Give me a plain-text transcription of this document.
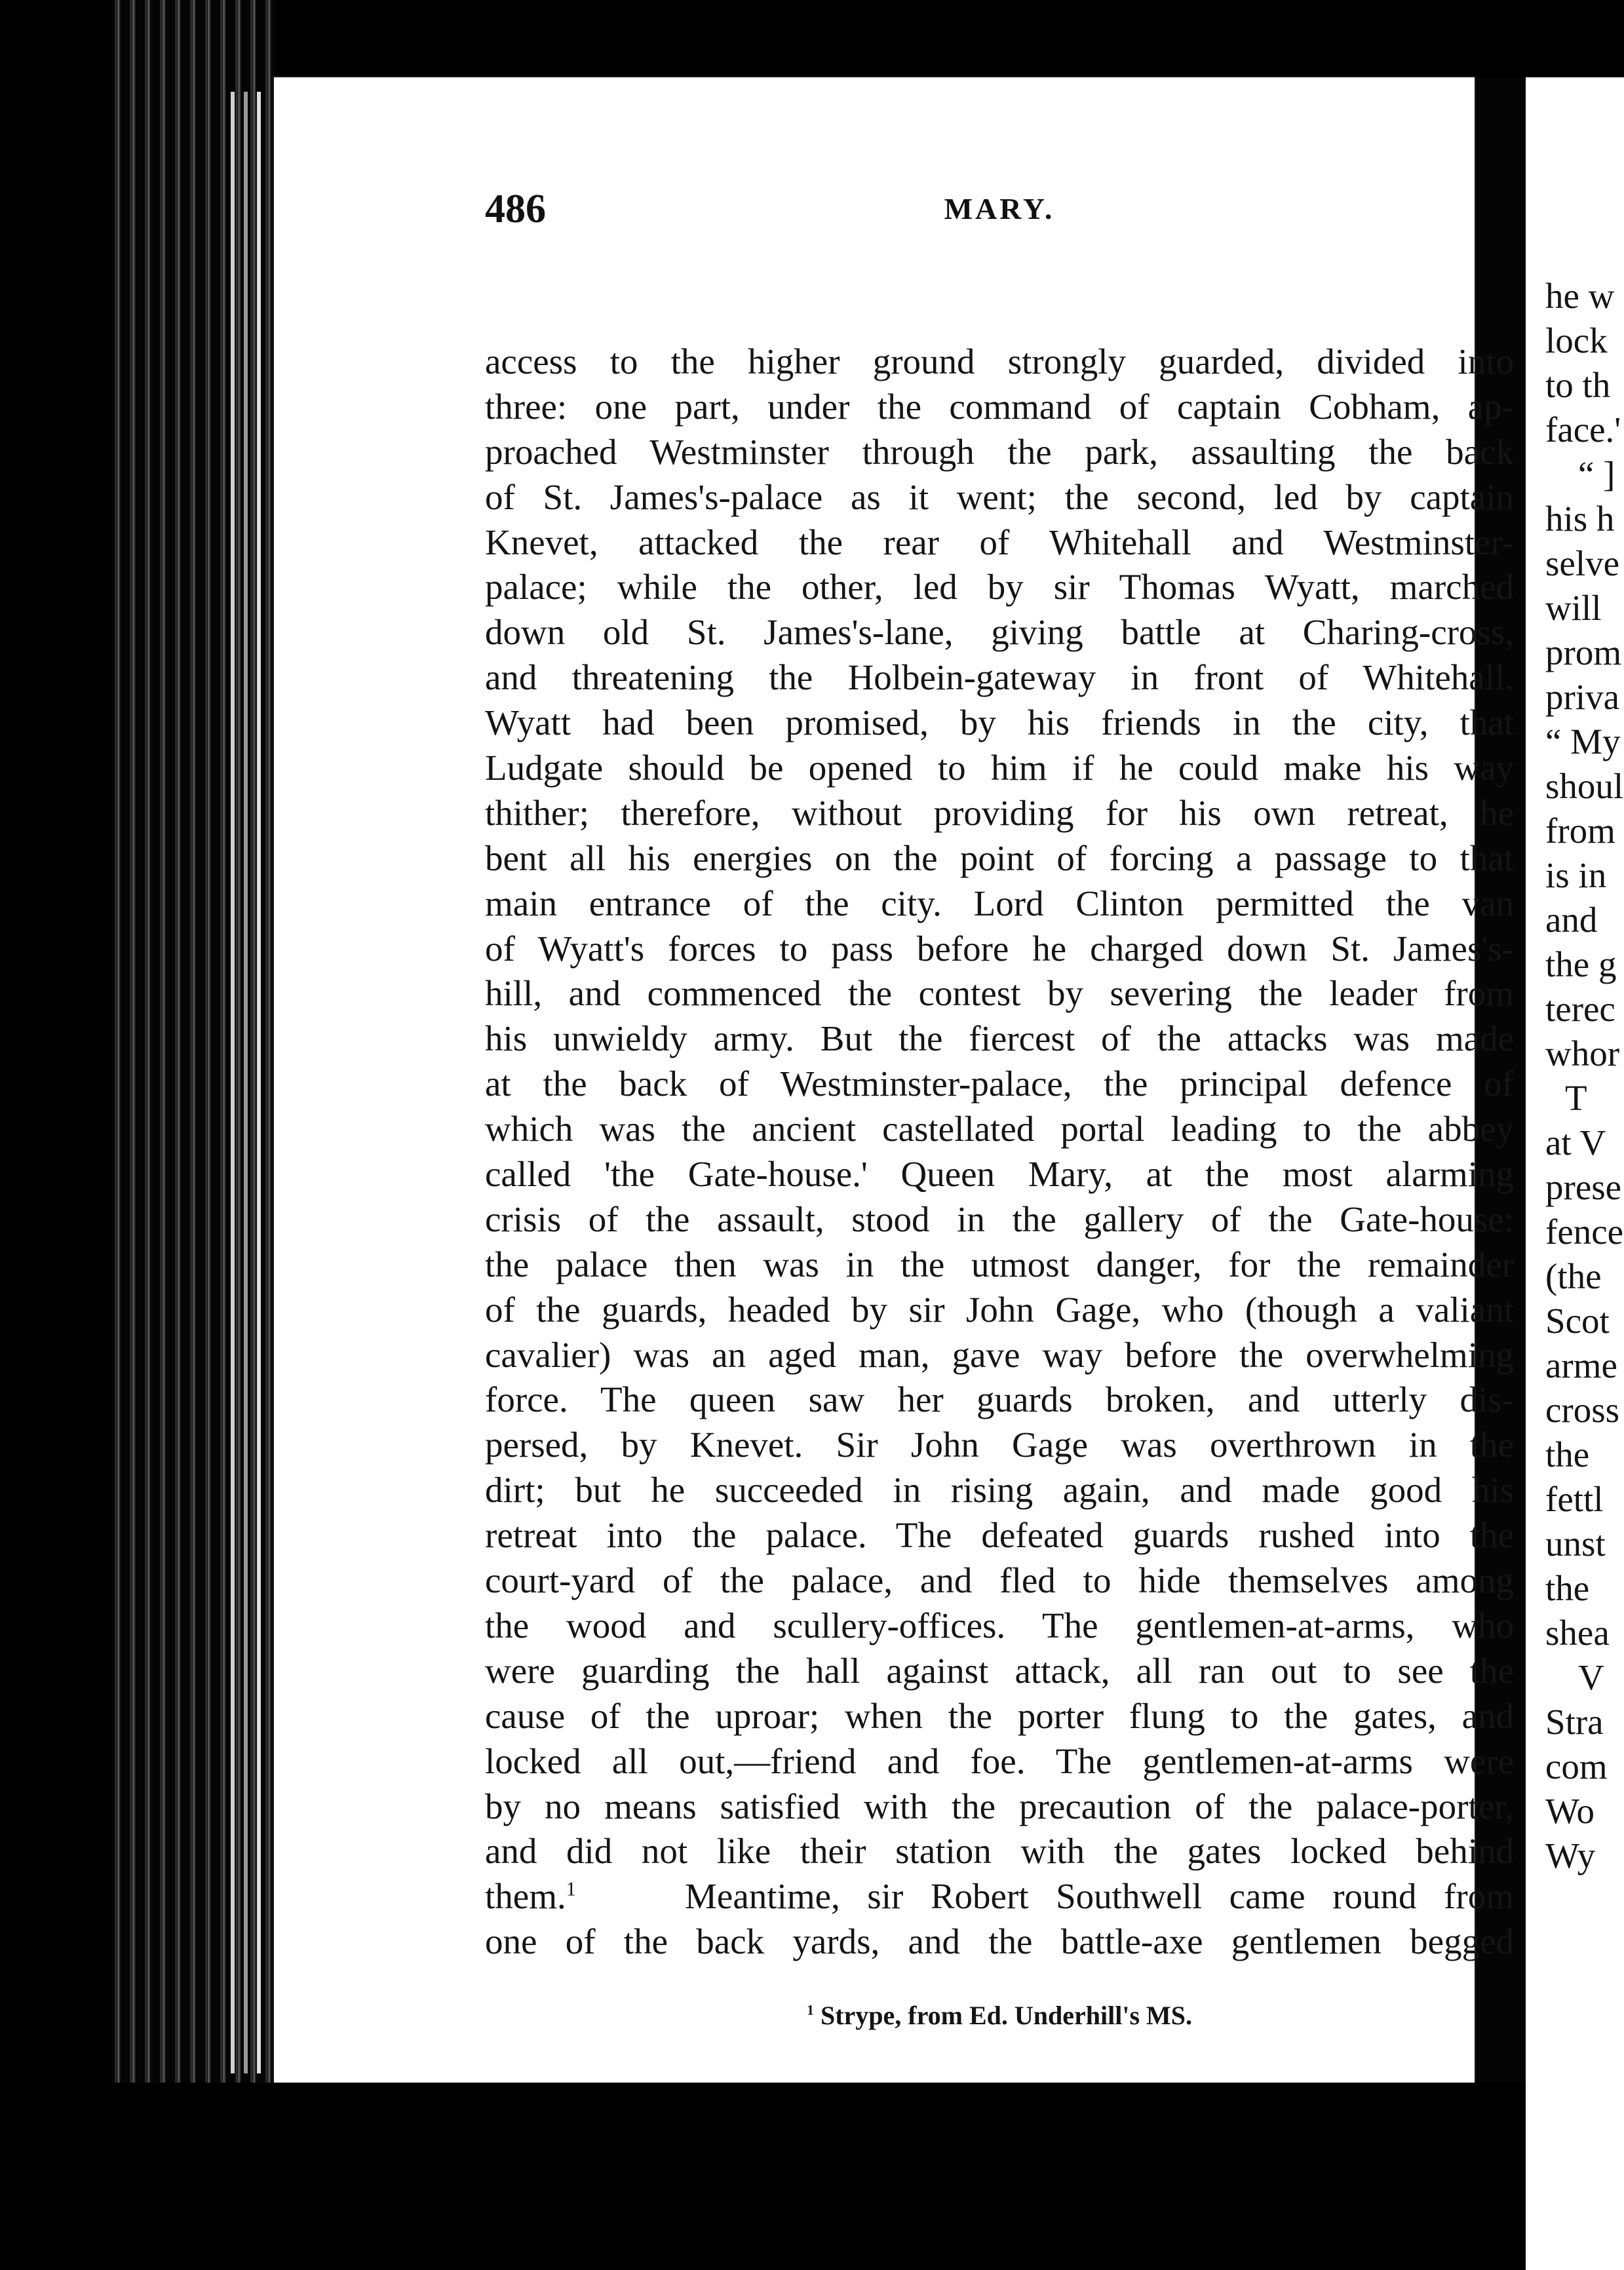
486	MARY.
access to the higher ground strongly guarded, divided into
three: one part, under the command of captain Cobham, ap-
proached Westminster through the park, assaulting the back
of St. James's-palace as it went; the second, led by captain
Knevet, attacked the rear of Whitehall and Westminster-
palace; while the other, led by sir Thomas Wyatt, marched
down old St. James's-lane, giving battle at Charing-cross,
and threatening the Holbein-gateway in front of Whitehall.
Wyatt had been promised, by his friends in the city, that
Ludgate should be opened to him if he could make his way
thither; therefore, without providing for his own retreat, he
bent all his energies on the point of forcing a passage to that
main entrance of the city. Lord Clinton permitted the van
of Wyatt's forces to pass before he charged down St. James's-
hill, and commenced the contest by severing the leader from
his unwieldy army. But the fiercest of the attacks was made
at the back of Westminster-palace, the principal defence of
which was the ancient castellated portal leading to the abbey
called 'the Gate-house.' Queen Mary, at the most alarming
crisis of the assault, stood in the gallery of the Gate-house:
the palace then was in the utmost danger, for the remainder
of the guards, headed by sir John Gage, who (though a valiant
cavalier) was an aged man, gave way before the overwhelming
force. The queen saw her guards broken, and utterly dis-
persed, by Knevet. Sir John Gage was overthrown in the
dirt; but he succeeded in rising again, and made good his
retreat into the palace. The defeated guards rushed into the
court-yard of the palace, and fled to hide themselves among
the wood and scullery-offices. The gentlemen-at-arms, who
were guarding the hall against attack, all ran out to see the
cause of the uproar; when the porter flung to the gates, and
locked all out,—friend and foe. The gentlemen-at-arms were
by no means satisfied with the precaution of the palace-porter,
and did not like their station with the gates locked behind
them.$^1$	Meantime, sir Robert Southwell came round from
one of the back yards, and the battle-axe gentlemen begged
$^1$ Strype, from Ed. Underhill's MS.
he w
lock
to th
face.'
“ ]
his h
selve
will
prom
priva
“ My
shoul
from
is in
and
the g
terec
whor
T
at V
prese
fence
(the
Scot
arme
cross
the
fettl
unst
the
shea
V
Stra
com
Wo
Wy
